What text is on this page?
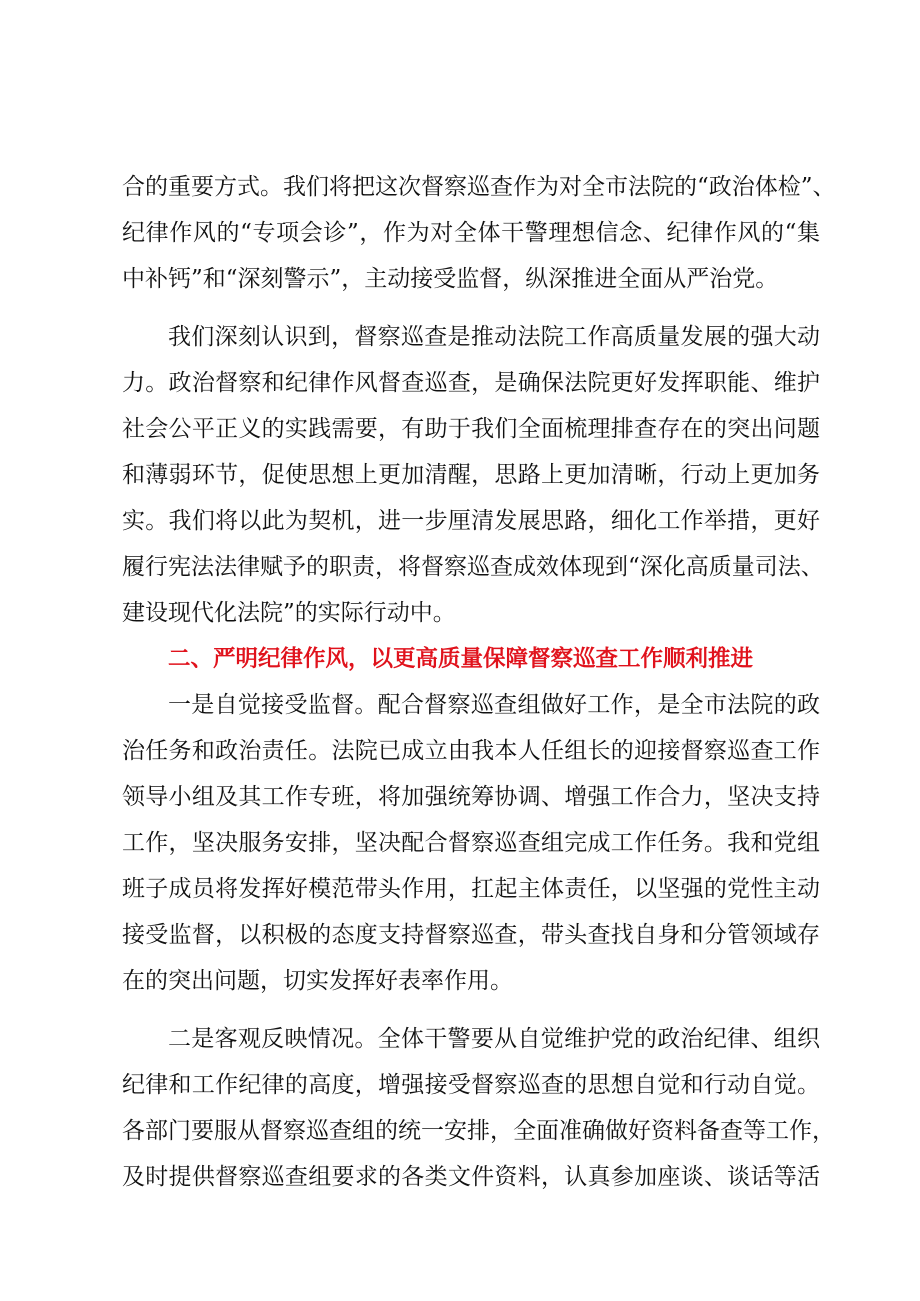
合的重要方式。我们将把这次督察巡查作为对全市法院的“政治体检”、
纪律作风的“专项会诊”，作为对全体干警理想信念、纪律作风的“集
中补钙”和“深刻警示”，主动接受监督，纵深推进全面从严治党。
我们深刻认识到，督察巡查是推动法院工作高质量发展的强大动
力。政治督察和纪律作风督查巡查，是确保法院更好发挥职能、维护
社会公平正义的实践需要，有助于我们全面梳理排查存在的突出问题
和薄弱环节，促使思想上更加清醒，思路上更加清晰，行动上更加务
实。我们将以此为契机，进一步厘清发展思路，细化工作举措，更好
履行宪法法律赋予的职责，将督察巡查成效体现到“深化高质量司法、
建设现代化法院”的实际行动中。
二、严明纪律作风，以更高质量保障督察巡查工作顺利推进
一是自觉接受监督。配合督察巡查组做好工作，是全市法院的政
治任务和政治责任。法院已成立由我本人任组长的迎接督察巡查工作
领导小组及其工作专班，将加强统筹协调、增强工作合力，坚决支持
工作，坚决服务安排，坚决配合督察巡查组完成工作任务。我和党组
班子成员将发挥好模范带头作用，扛起主体责任，以坚强的党性主动
接受监督，以积极的态度支持督察巡查，带头查找自身和分管领域存
在的突出问题，切实发挥好表率作用。
二是客观反映情况。全体干警要从自觉维护党的政治纪律、组织
纪律和工作纪律的高度，增强接受督察巡查的思想自觉和行动自觉。
各部门要服从督察巡查组的统一安排，全面准确做好资料备查等工作，
及时提供督察巡查组要求的各类文件资料，认真参加座谈、谈话等活
